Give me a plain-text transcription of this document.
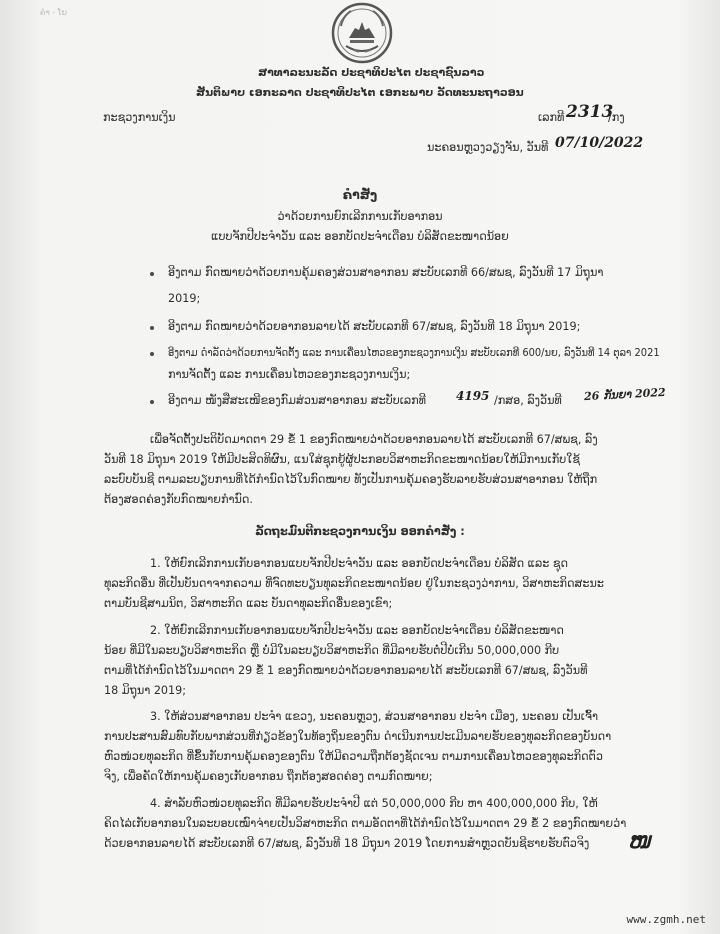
ຄຳ - ໂຍ
ສາທາລະນະລັດ ປະຊາທິປະໄຕ ປະຊາຊົນລາວ
ສັນຕິພາບ ເອກະລາດ ປະຊາທິປະໄຕ ເອກະພາບ ວັດທະນະຖາວອນ
ກະຊວງການເງິນ	ເລກທີ 2313
/ກງ
ນະຄອນຫຼວງວຽງຈັນ, ວັນທີ 07/10/2022
ຄຳສັ່ງ
ວ່າດ້ວຍການຍົກເລີກການເກັບອາກອນ
ແບບຈັກປີປະຈຳວັນ ແລະ ອອກບັດປະຈຳເດືອນ ບໍລິສັດຂະໜາດນ້ອຍ
ອີງຕາມ ກົດໝາຍວ່າດ້ວຍການຄຸ້ມຄອງສ່ວນສາອາກອນ ສະບັບເລກທີ 66/ສພຊ, ລົງວັນທີ 17 ມິຖຸນາ
2019;
ອີງຕາມ ກົດໝາຍວ່າດ້ວຍອາກອນລາຍໄດ້ ສະບັບເລກທີ 67/ສພຊ, ລົງວັນທີ 18 ມິຖຸນາ 2019;
ອີງຕາມ ດຳລັດວ່າດ້ວຍການຈັດຕັ້ງ ແລະ ການເຄື່ອນໄຫວຂອງກະຊວງການເງິນ ສະບັບເລກທີ 600/ນຍ, ລົງວັນທີ 14 ຕຸລາ 2021
ການຈັດຕັ້ງ ແລະ ການເຄື່ອນໄຫວຂອງກະຊວງການເງິນ;
ອີງຕາມ ໜັງສືສະເໜີຂອງກົມສ່ວນສາອາກອນ ສະບັບເລກທີ 4195 /ກສອ, ລົງວັນທີ 26 ກັນຍາ 2022
ເພື່ອຈັດຕັ້ງປະຕິບັດມາດຕາ 29 ຂໍ້ 1 ຂອງກົດໝາຍວ່າດ້ວຍອາກອນລາຍໄດ້ ສະບັບເລກທີ 67/ສພຊ, ລົງ
ວັນທີ 18 ມິຖຸນາ 2019 ໃຫ້ມີປະສິດທິຜົນ, ແນໃສ່ຊຸກຍູ້ຜູ້ປະກອບວິສາຫະກິດຂະໜາດນ້ອຍໃຫ້ມີການເກັບໃຊ້
ລະບົບບັນຊີ ຕາມລະບຽບການທີ່ໄດ້ກຳນົດໄວ້ໃນກົດໝາຍ ທັງເປັນການຄຸ້ມຄອງຮັບລາຍຮັບສ່ວນສາອາກອນ ໃຫ້ຖືກ
ຕ້ອງສອດຄ່ອງກັບກົດໝາຍກຳນົດ.
ລັດຖະມົນຕີກະຊວງການເງິນ ອອກຄຳສັ່ງ :
1. ໃຫ້ຍົກເລີກການເກັບອາກອນແບບຈັກປີປະຈຳວັນ ແລະ ອອກບັດປະຈຳເດືອນ ບໍລິສັດ ແລະ ຊຸດ
ທຸລະກິດອື່ນ ທີ່ເປັນບັນດາຈາກຄວາມ ທີ່ຈົດທະບຽນທຸລະກິດຂະໜາດນ້ອຍ ຢູ່ໃນກະຊວງວ່າການ, ວິສາຫະກິດສະນະ
ຕາມບັນຊີສາມນິຕ, ວິສາຫະກິດ ແລະ ບັນດາທຸລະກິດອື່ນຂອງເຂົາ;
2. ໃຫ້ຍົກເລີກການເກັບອາກອນແບບຈັກປີປະຈຳວັນ ແລະ ອອກບັດປະຈຳເດືອນ ບໍລິສັດຂະໜາດ
ນ້ອຍ ທີ່ມີໃນລະບຽບວິສາຫະກິດ ຫຼື ບໍ່ມີໃນລະບຽບວິສາຫະກິດ ທີ່ມີລາຍຮັບຕໍ່ປີບໍ່ເກີນ 50,000,000 ກີບ
ຕາມທີ່ໄດ້ກຳນົດໄວ້ໃນມາດຕາ 29 ຂໍ້ 1 ຂອງກົດໝາຍວ່າດ້ວຍອາກອນລາຍໄດ້ ສະບັບເລກທີ 67/ສພຊ, ລົງວັນທີ
18 ມິຖຸນາ 2019;
3. ໃຫ້ສ່ວນສາອາກອນ ປະຈຳ ແຂວງ, ນະຄອນຫຼວງ, ສ່ວນສາອາກອນ ປະຈຳ ເມືອງ, ນະຄອນ ເປັນເຈົ້າ
ການປະສານສົມທົບກັບພາກສ່ວນທີ່ກ່ຽວຂ້ອງໃນທ້ອງຖິ່ນຂອງຕົນ ດຳເນີນການປະເມີນລາຍຮັບຂອງທຸລະກິດຂອງບັນດາ
ຫົວໜ່ວຍທຸລະກິດ ທີ່ຂຶ້ນກັບການຄຸ້ມຄອງຂອງຕົນ ໃຫ້ມີຄວາມຖືກຕ້ອງຊັດເຈນ ຕາມການເຄື່ອນໄຫວຂອງທຸລະກິດຕົວ
ຈິງ, ເພື່ອຄັດໃຫ້ການຄຸ້ມຄອງເກັບອາກອນ ຖືກຕ້ອງສອດຄ່ອງ ຕາມກົດໝາຍ;
4. ສຳລັບຫົວໜ່ວຍທຸລະກິດ ທີ່ມີລາຍຮັບປະຈຳປີ ແຕ່ 50,000,000 ກີບ ຫາ 400,000,000 ກີບ, ໃຫ້
ຄິດໄລ່ເກັບອາກອນໃນລະບອບເໝົາຈ່າຍເປັນວິສາຫະກິດ ຕາມອັດຕາທີ່ໄດ້ກຳນົດໄວ້ໃນມາດຕາ 29 ຂໍ້ 2 ຂອງກົດໝາຍວ່າ
ດ້ວຍອາກອນລາຍໄດ້ ສະບັບເລກທີ 67/ສພຊ, ລົງວັນທີ 18 ມິຖຸນາ 2019 ໂດຍການສຳຫຼວດບັນຊີຮາຍຮັບຕົວຈິງ ໜ
www.zgmh.net
